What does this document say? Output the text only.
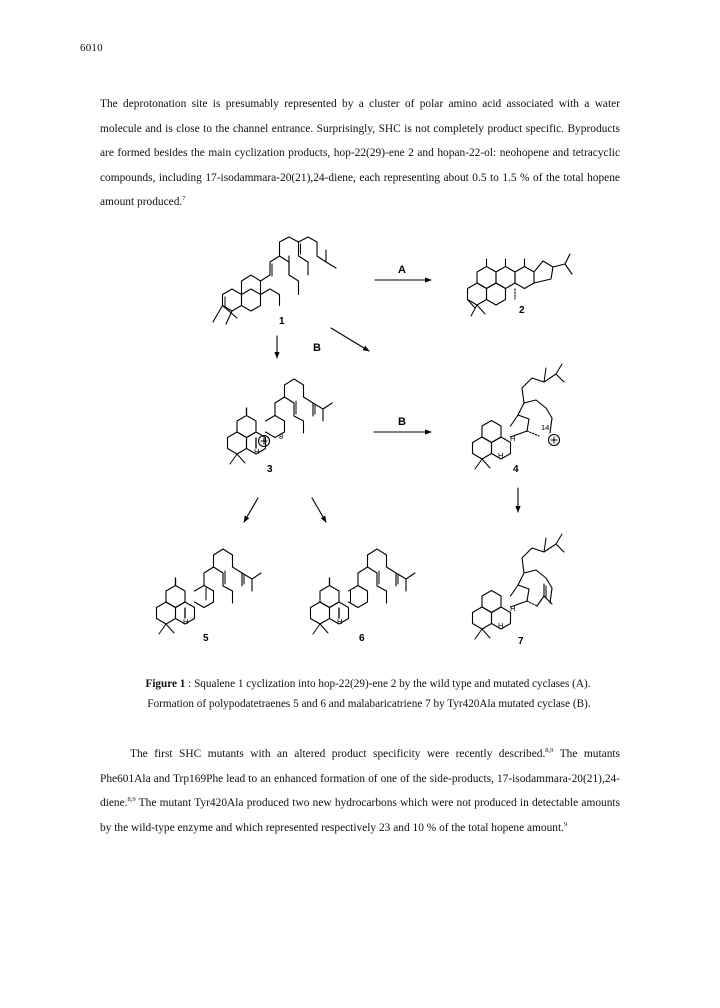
6010

The deprotonation site is presumably represented by a cluster of polar amino acid associated with a water molecule and is close to the channel entrance. Surprisingly, SHC is not completely product specific. Byproducts are formed besides the main cyclization products, hop-22(29)-ene 2 and hopan-22-ol: neohopene and tetracyclic compounds, including 17-isodammara-20(21),24-diene, each representing about 0.5 to 1.5 % of the total hopene amount produced.$^7$

1
A
2
B
H
8
3
B
H
H
14
4
H
5
H
6
H
H
7
Figure 1 : Squalene 1 cyclization into hop-22(29)-ene 2 by the wild type and mutated cyclases (A).
Formation of polypodatetraenes 5 and 6 and malabaricatriene 7 by Tyr420Ala mutated cyclase (B).

The first SHC mutants with an altered product specificity were recently described.$^{8,9}$ The mutants Phe601Ala and Trp169Phe lead to an enhanced formation of one of the side-products, 17-isodammara-20(21),24-diene.$^{8,9}$ The mutant Tyr420Ala produced two new hydrocarbons which were not produced in detectable amounts by the wild-type enzyme and which represented respectively 23 and 10 % of the total hopene amount.$^9$
